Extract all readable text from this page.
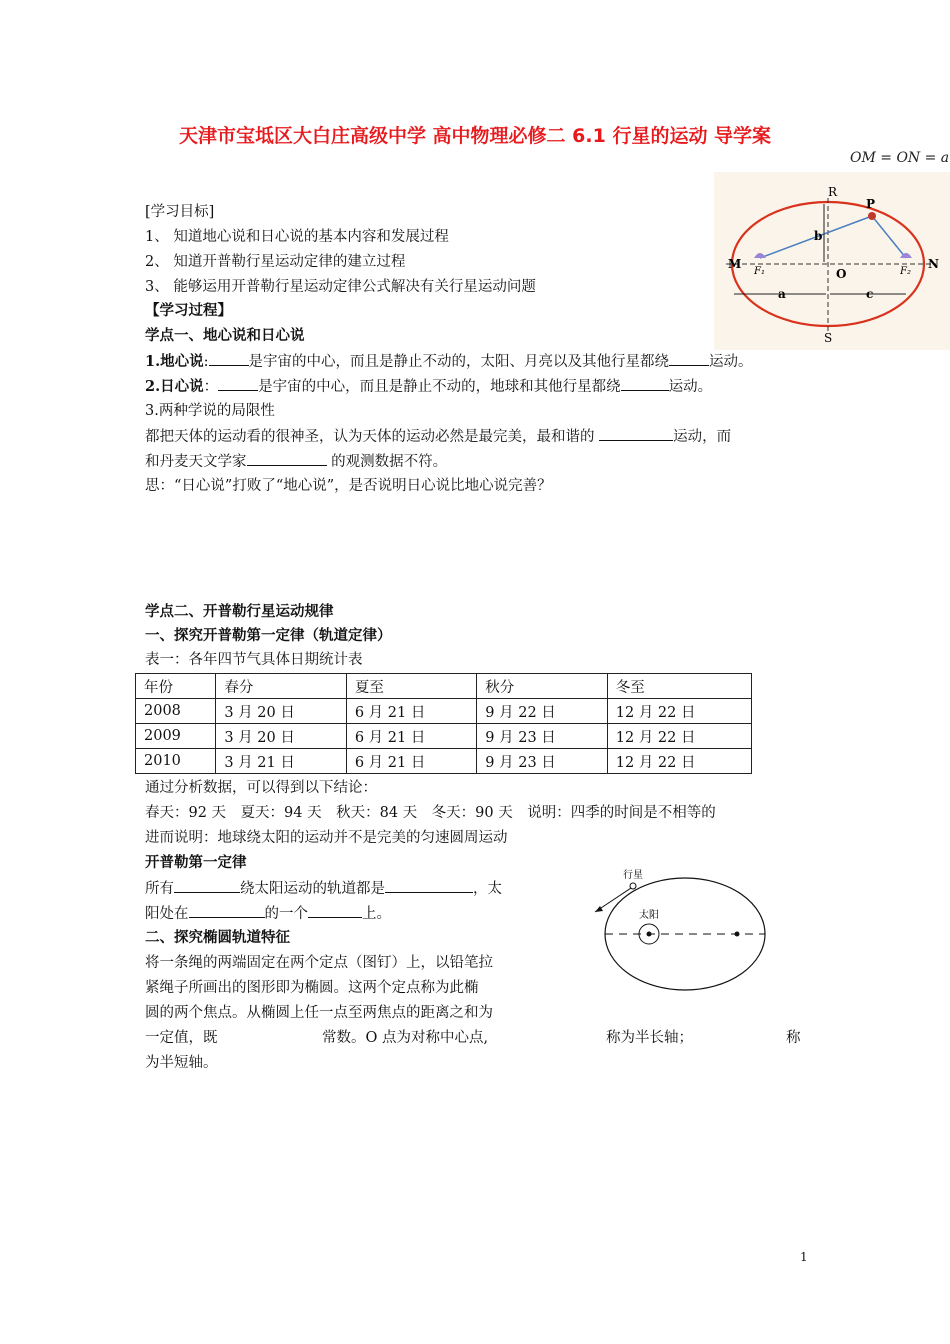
天津市宝坻区大白庄高级中学 高中物理必修二 6.1 行星的运动 导学案
OM = ON = a
R
P
M	N
O
S
b
a	c
F₁	F₂
[学习目标]
1、 知道地心说和日心说的基本内容和发展过程
2、 知道开普勒行星运动定律的建立过程
3、 能够运用开普勒行星运动定律公式解决有关行星运动问题
【学习过程】
学点一、地心说和日心说
1.地心说:	是宇宙的中心，而且是静止不动的，太阳、月亮以及其他行星都绕	运动。
2.日心说：	是宇宙的中心，而且是静止不动的，地球和其他行星都绕	运动。
3.两种学说的局限性
都把天体的运动看的很神圣，认为天体的运动必然是最完美，最和谐的	运动，而
和丹麦天文学家	的观测数据不符。
思：“日心说”打败了“地心说”，是否说明日心说比地心说完善？
学点二、开普勒行星运动规律
一、探究开普勒第一定律（轨道定律）
表一：各年四节气具体日期统计表
年份	春分	夏至	秋分	冬至
2008	3 月 20 日	6 月 21 日	9 月 22 日	12 月 22 日
2009	3 月 20 日	6 月 21 日	9 月 23 日	12 月 22 日
2010	3 月 21 日	6 月 21 日	9 月 23 日	12 月 22 日
通过分析数据，可以得到以下结论：
春天：92 天　夏天：94 天　秋天：84 天　冬天：90 天　说明：四季的时间是不相等的
进而说明：地球绕太阳的运动并不是完美的匀速圆周运动
开普勒第一定律
所有	绕太阳运动的轨道都是	，太
阳处在	的一个	上。
二、探究椭圆轨道特征
将一条绳的两端固定在两个定点（图钉）上，以铅笔拉
紧绳子所画出的图形即为椭圆。这两个定点称为此椭
圆的两个焦点。从椭圆上任一点至两焦点的距离之和为
一定值，既	常数。O 点为对称中心点,	称为半长轴；	称
为半短轴。
行星
太阳
1
